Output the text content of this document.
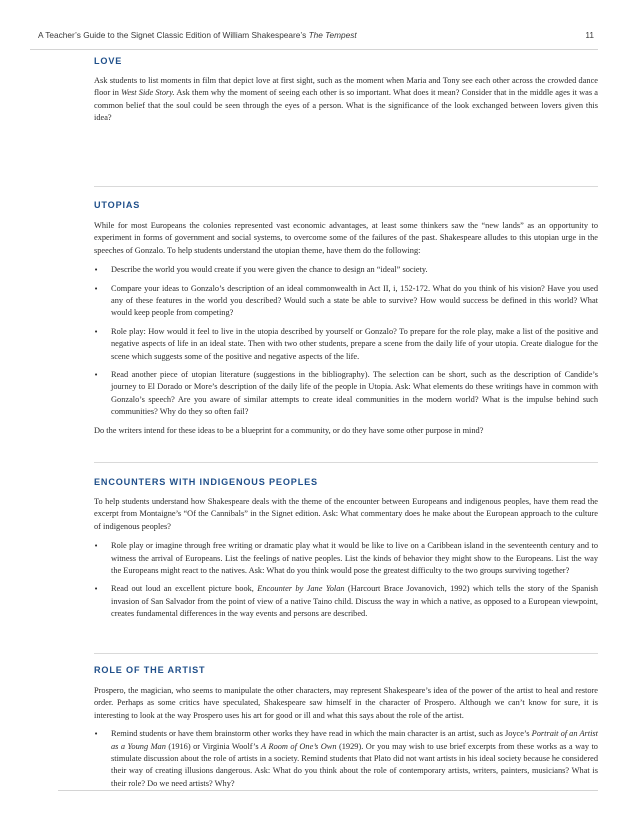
A Teacher’s Guide to the Signet Classic Edition of William Shakespeare’s The Tempest	11
LOVE

Ask students to list moments in film that depict love at first sight, such as the moment when Maria and Tony see each other across the crowded dance floor in West Side Story. Ask them why the moment of seeing each other is so important. What does it mean? Consider that in the middle ages it was a common belief that the soul could be seen through the eyes of a person. What is the significance of the look exchanged between lovers given this idea?

UTOPIAS

While for most Europeans the colonies represented vast economic advantages, at least some thinkers saw the “new lands” as an opportunity to experiment in forms of government and social systems, to overcome some of the failures of the past. Shakespeare alludes to this utopian urge in the speeches of Gonzalo. To help students understand the utopian theme, have them do the following:

• Describe the world you would create if you were given the chance to design an “ideal” society.
• Compare your ideas to Gonzalo’s description of an ideal commonwealth in Act II, i, 152-172. What do you think of his vision? Have you used any of these features in the world you described? Would such a state be able to survive? How would success be defined in this world? What would keep people from competing?
• Role play: How would it feel to live in the utopia described by yourself or Gonzalo? To prepare for the role play, make a list of the positive and negative aspects of life in an ideal state. Then with two other students, prepare a scene from the daily life of your utopia. Create dialogue for the scene which suggests some of the positive and negative aspects of the life.
• Read another piece of utopian literature (suggestions in the bibliography). The selection can be short, such as the description of Candide’s journey to El Dorado or More’s description of the daily life of the people in Utopia. Ask: What elements do these writings have in common with Gonzalo’s speech? Are you aware of similar attempts to create ideal communities in the modern world? What is the impulse behind such communities? Why do they so often fail?

Do the writers intend for these ideas to be a blueprint for a community, or do they have some other purpose in mind?

ENCOUNTERS WITH INDIGENOUS PEOPLES

To help students understand how Shakespeare deals with the theme of the encounter between Europeans and indigenous peoples, have them read the excerpt from Montaigne’s “Of the Cannibals” in the Signet edition. Ask: What commentary does he make about the European approach to the culture of indigenous peoples?

• Role play or imagine through free writing or dramatic play what it would be like to live on a Caribbean island in the seventeenth century and to witness the arrival of Europeans. List the feelings of native peoples. List the kinds of behavior they might show to the Europeans. List the way the Europeans might react to the natives. Ask: What do you think would pose the greatest difficulty to the two groups surviving together?
• Read out loud an excellent picture book, Encounter by Jane Yolan (Harcourt Brace Jovanovich, 1992) which tells the story of the Spanish invasion of San Salvador from the point of view of a native Taino child. Discuss the way in which a native, as opposed to a European viewpoint, creates fundamental differences in the way events and persons are described.
ROLE OF THE ARTIST

Prospero, the magician, who seems to manipulate the other characters, may represent Shakespeare’s idea of the power of the artist to heal and restore order. Perhaps as some critics have speculated, Shakespeare saw himself in the character of Prospero. Although we can’t know for sure, it is interesting to look at the way Prospero uses his art for good or ill and what this says about the role of the artist.

• Remind students or have them brainstorm other works they have read in which the main character is an artist, such as Joyce’s Portrait of an Artist as a Young Man (1916) or Virginia Woolf’s A Room of One’s Own (1929). Or you may wish to use brief excerpts from these works as a way to stimulate discussion about the role of artists in a society. Remind students that Plato did not want artists in his ideal society because he considered their way of creating illusions dangerous. Ask: What do you think about the role of contemporary artists, writers, painters, musicians? What is their role? Do we need artists? Why?
